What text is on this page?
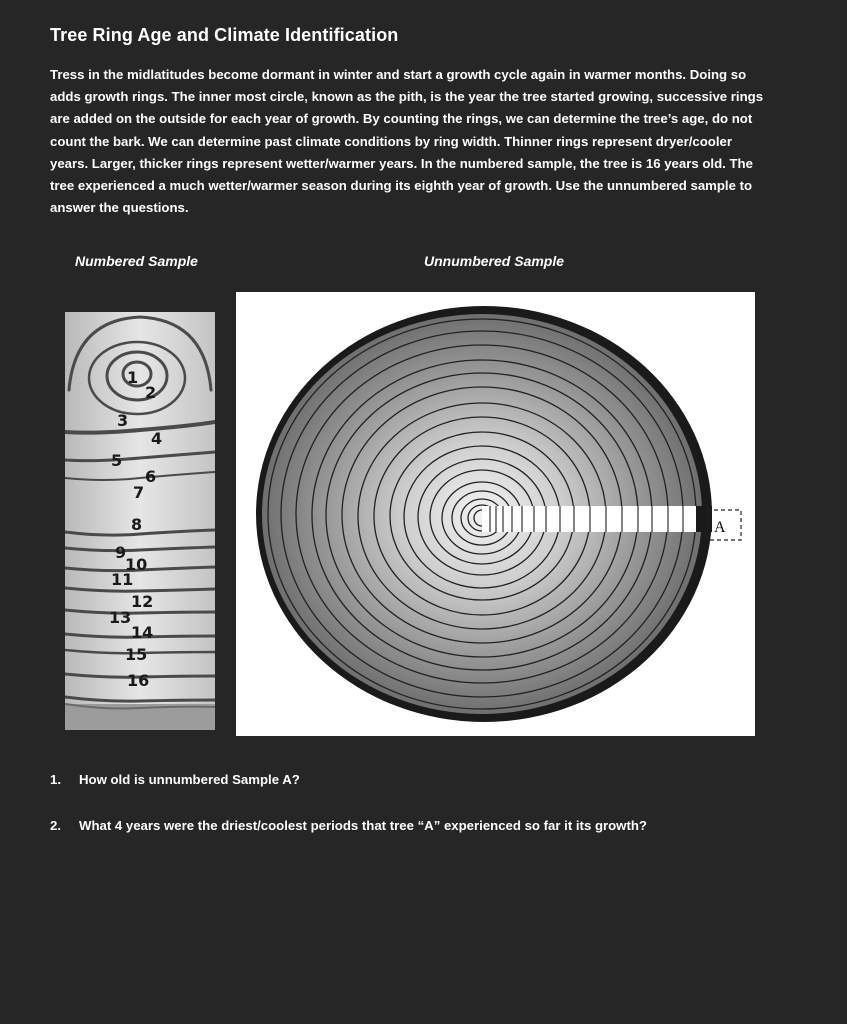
Tree Ring Age and Climate Identification
Tress in the midlatitudes become dormant in winter and start a growth cycle again in warmer months. Doing so adds growth rings. The inner most circle, known as the pith, is the year the tree started growing, successive rings are added on the outside for each year of growth. By counting the rings, we can determine the tree’s age, do not count the bark. We can determine past climate conditions by ring width. Thinner rings represent dryer/cooler years. Larger, thicker rings represent wetter/warmer years. In the numbered sample, the tree is 16 years old. The tree experienced a much wetter/warmer season during its eighth year of growth. Use the unnumbered sample to answer the questions.
Numbered Sample	Unnumbered Sample
1
2
3
4
5
6
7
8
9
10
11
12
13
14
15
16
A
1. How old is unnumbered Sample A?
2. What 4 years were the driest/coolest periods that tree “A” experienced so far it its growth?
